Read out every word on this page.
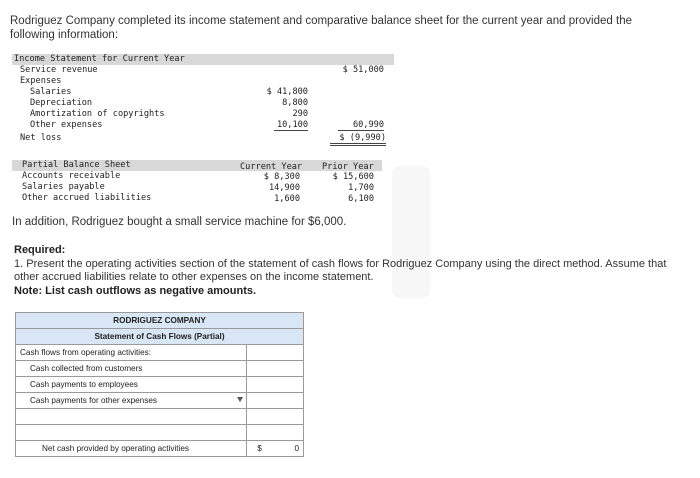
Rodriguez Company completed its income statement and comparative balance sheet for the current year and provided the following information:
Income Statement for Current Year
Service revenue	$ 51,000
Expenses
Salaries	$ 41,800
Depreciation	8,800
Amortization of copyrights	290
Other expenses	10,100	60,990
Net loss	$ (9,990)
Partial Balance Sheet	Current Year Prior Year
Accounts receivable	$ 8,300	$ 15,600
Salaries payable	14,900	1,700
Other accrued liabilities	1,600	6,100
In addition, Rodriguez bought a small service machine for $6,000.
Required:
1. Present the operating activities section of the statement of cash flows for Rodriguez Company using the direct method. Assume that other accrued liabilities relate to other expenses on the income statement.
Note: List cash outflows as negative amounts.
RODRIGUEZ COMPANY	
Statement of Cash Flows (Partial)	
Cash flows from operating activities:	
Cash collected from customers	
Cash payments to employees	
Cash payments for other expenses

Net cash provided by operating activities	$ 0
